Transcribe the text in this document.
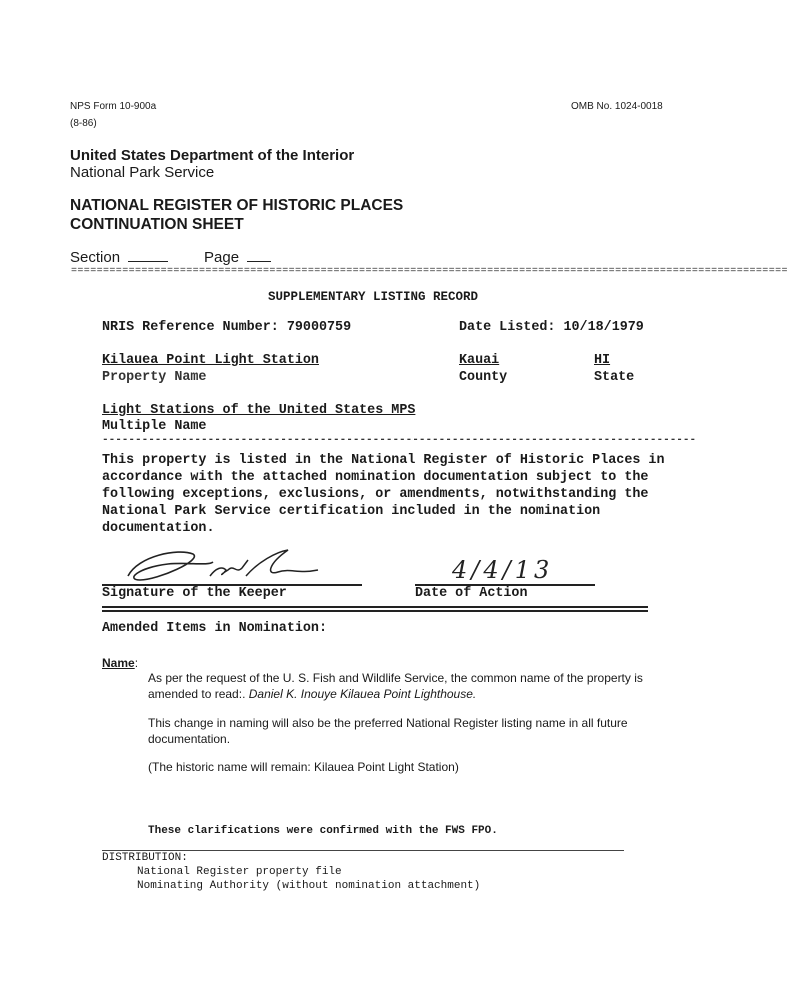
NPS Form 10-900a
(8-86)
OMB No. 1024-0018
United States Department of the Interior
National Park Service
NATIONAL REGISTER OF HISTORIC PLACES
CONTINUATION SHEET
Section	Page
================================================================================================================
SUPPLEMENTARY LISTING RECORD
NRIS Reference Number: 79000759	Date Listed: 10/18/1979
Kilauea Point Light Station
Property Name
Kauai
County
HI
State
Light Stations of the United States MPS
Multiple Name
------------------------------------------------------------------------------------------
This property is listed in the National Register of Historic Places in accordance with the attached nomination documentation subject to the following exceptions, exclusions, or amendments, notwithstanding the National Park Service certification included in the nomination documentation.
Signature of the Keeper
4/4/13
Date of Action
Amended Items in Nomination:
Name:
As per the request of the U. S. Fish and Wildlife Service, the common name of the property is amended to read:. Daniel K. Inouye Kilauea Point Lighthouse.
This change in naming will also be the preferred National Register listing name in all future documentation.
(The historic name will remain: Kilauea Point Light Station)
These clarifications were confirmed with the FWS FPO.
DISTRIBUTION:
National Register property file
Nominating Authority (without nomination attachment)
